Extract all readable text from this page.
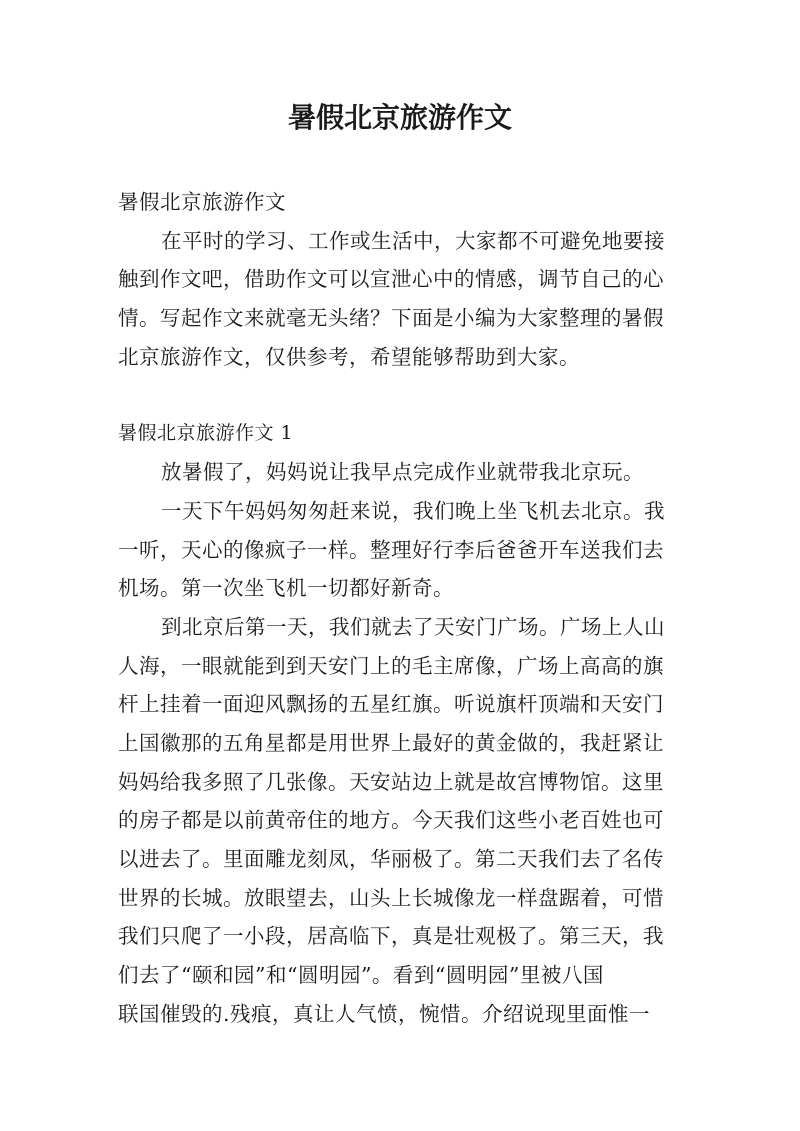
暑假北京旅游作文
暑假北京旅游作文
在平时的学习、工作或生活中，大家都不可避免地要接
触到作文吧，借助作文可以宣泄心中的情感，调节自己的心
情。写起作文来就毫无头绪？下面是小编为大家整理的暑假
北京旅游作文，仅供参考，希望能够帮助到大家。
暑假北京旅游作文 1
放暑假了，妈妈说让我早点完成作业就带我北京玩。
一天下午妈妈匆匆赶来说，我们晚上坐飞机去北京。我
一听，天心的像疯子一样。整理好行李后爸爸开车送我们去
机场。第一次坐飞机一切都好新奇。
到北京后第一天，我们就去了天安门广场。广场上人山
人海，一眼就能到到天安门上的毛主席像，广场上高高的旗
杆上挂着一面迎风飘扬的五星红旗。听说旗杆顶端和天安门
上国徽那的五角星都是用世界上最好的黄金做的，我赶紧让
妈妈给我多照了几张像。天安站边上就是故宫博物馆。这里
的房子都是以前黄帝住的地方。今天我们这些小老百姓也可
以进去了。里面雕龙刻凤，华丽极了。第二天我们去了名传
世界的长城。放眼望去，山头上长城像龙一样盘踞着，可惜
我们只爬了一小段，居高临下，真是壮观极了。第三天，我
们去了“颐和园”和“圆明园”。看到“圆明园”里被八国
联国催毁的.残痕，真让人气愤，惋惜。介绍说现里面惟一
